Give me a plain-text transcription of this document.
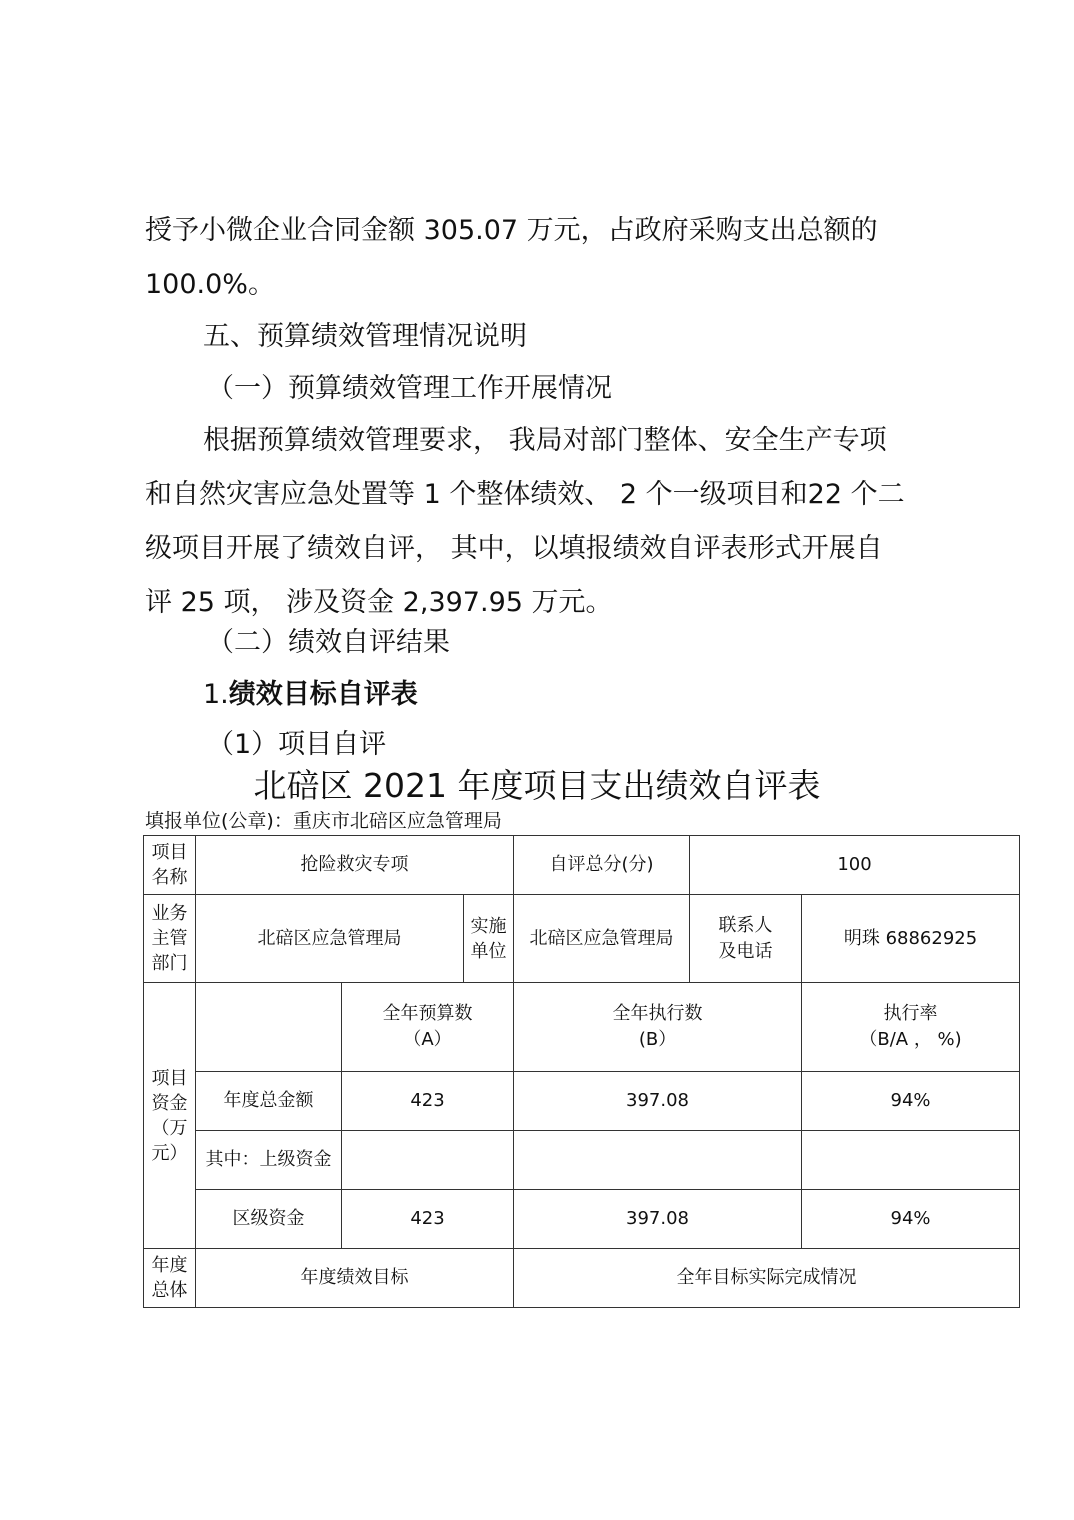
授予小微企业合同金额 305.07 万元，占政府采购支出总额的
100.0%。

五、预算绩效管理情况说明

（一）预算绩效管理工作开展情况

根据预算绩效管理要求， 我局对部门整体、安全生产专项
和自然灾害应急处置等 1 个整体绩效、 2 个一级项目和22 个二
级项目开展了绩效自评， 其中，以填报绩效自评表形式开展自
评 25 项， 涉及资金 2,397.95 万元。

（二）绩效自评结果

1.绩效目标自评表

（1）项目自评

北碚区 2021 年度项目支出绩效自评表

填报单位(公章)：重庆市北碚区应急管理局

项目
名称	抢险救灾专项			自评总分(分)	100	
业务
主管
部门	北碚区应急管理局		实施
单位	北碚区应急管理局	联系人
及电话	明珠 68862925
项目
资金
（万
元）		全年预算数
（A）		全年执行数
(B）		执行率
（B/A ， %)
	年度总金额	423		397.08		94%
	其中：上级资金					
	区级资金	423		397.08		94%
年度
总体	年度绩效目标			全年目标实际完成情况		
